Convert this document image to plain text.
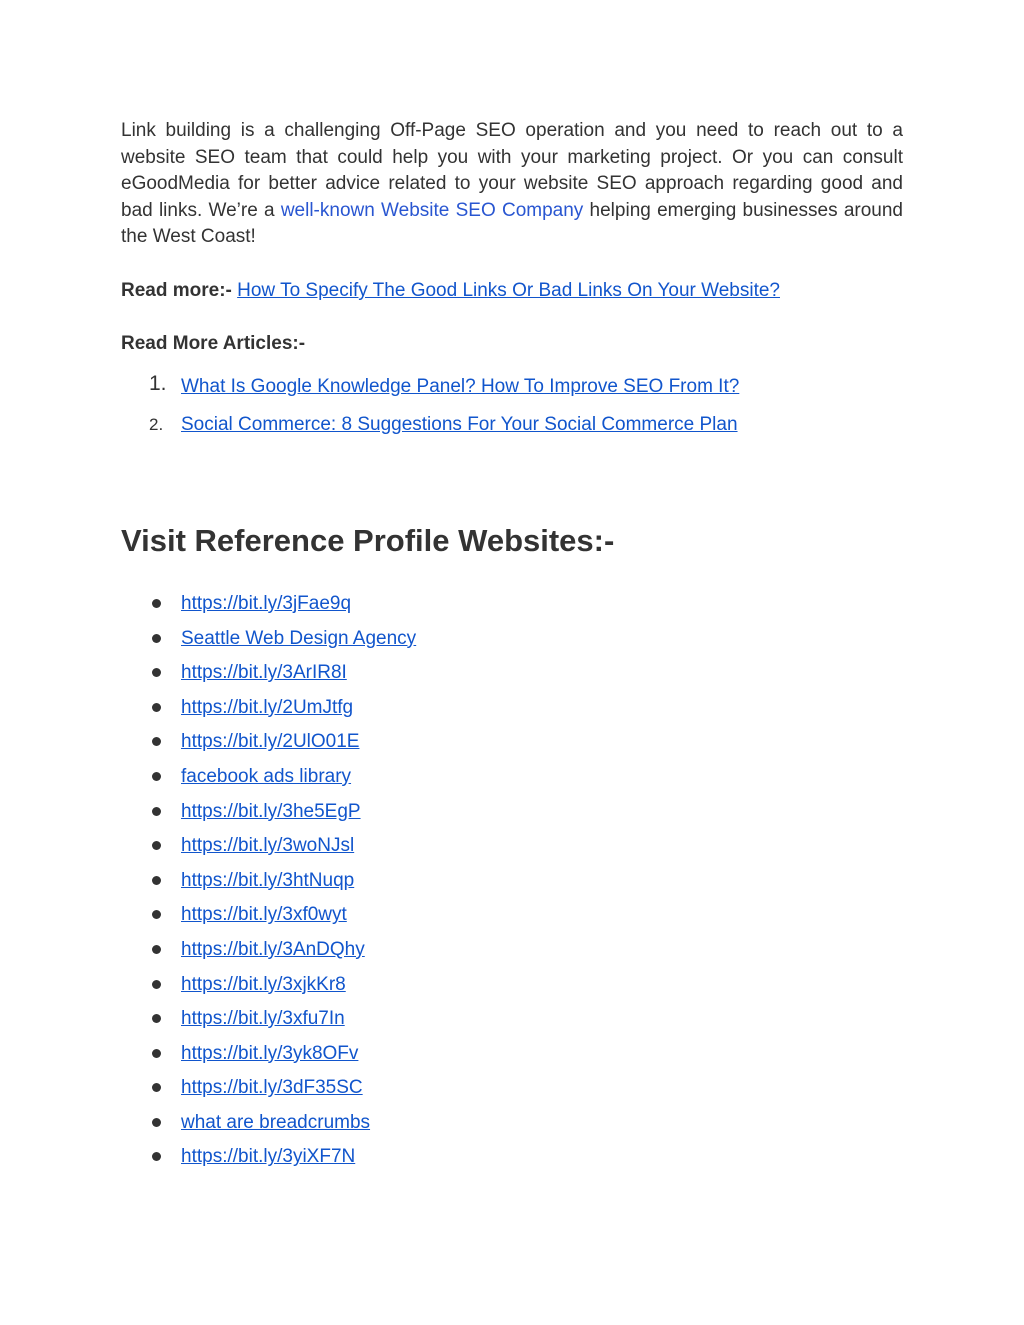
Link building is a challenging Off-Page SEO operation and you need to reach out to a website SEO team that could help you with your marketing project. Or you can consult eGoodMedia for better advice related to your website SEO approach regarding good and bad links. We’re a well-known Website SEO Company helping emerging businesses around the West Coast!

Read more:- How To Specify The Good Links Or Bad Links On Your Website?

Read More Articles:-

1. What Is Google Knowledge Panel? How To Improve SEO From It?
2. Social Commerce: 8 Suggestions For Your Social Commerce Plan
Visit Reference Profile Websites:-
https://bit.ly/3jFae9q
Seattle Web Design Agency
https://bit.ly/3ArIR8I
https://bit.ly/2UmJtfg
https://bit.ly/2UlO01E
facebook ads library
https://bit.ly/3he5EgP
https://bit.ly/3woNJsl
https://bit.ly/3htNuqp
https://bit.ly/3xf0wyt
https://bit.ly/3AnDQhy
https://bit.ly/3xjkKr8
https://bit.ly/3xfu7In
https://bit.ly/3yk8OFv
https://bit.ly/3dF35SC
what are breadcrumbs
https://bit.ly/3yiXF7N
